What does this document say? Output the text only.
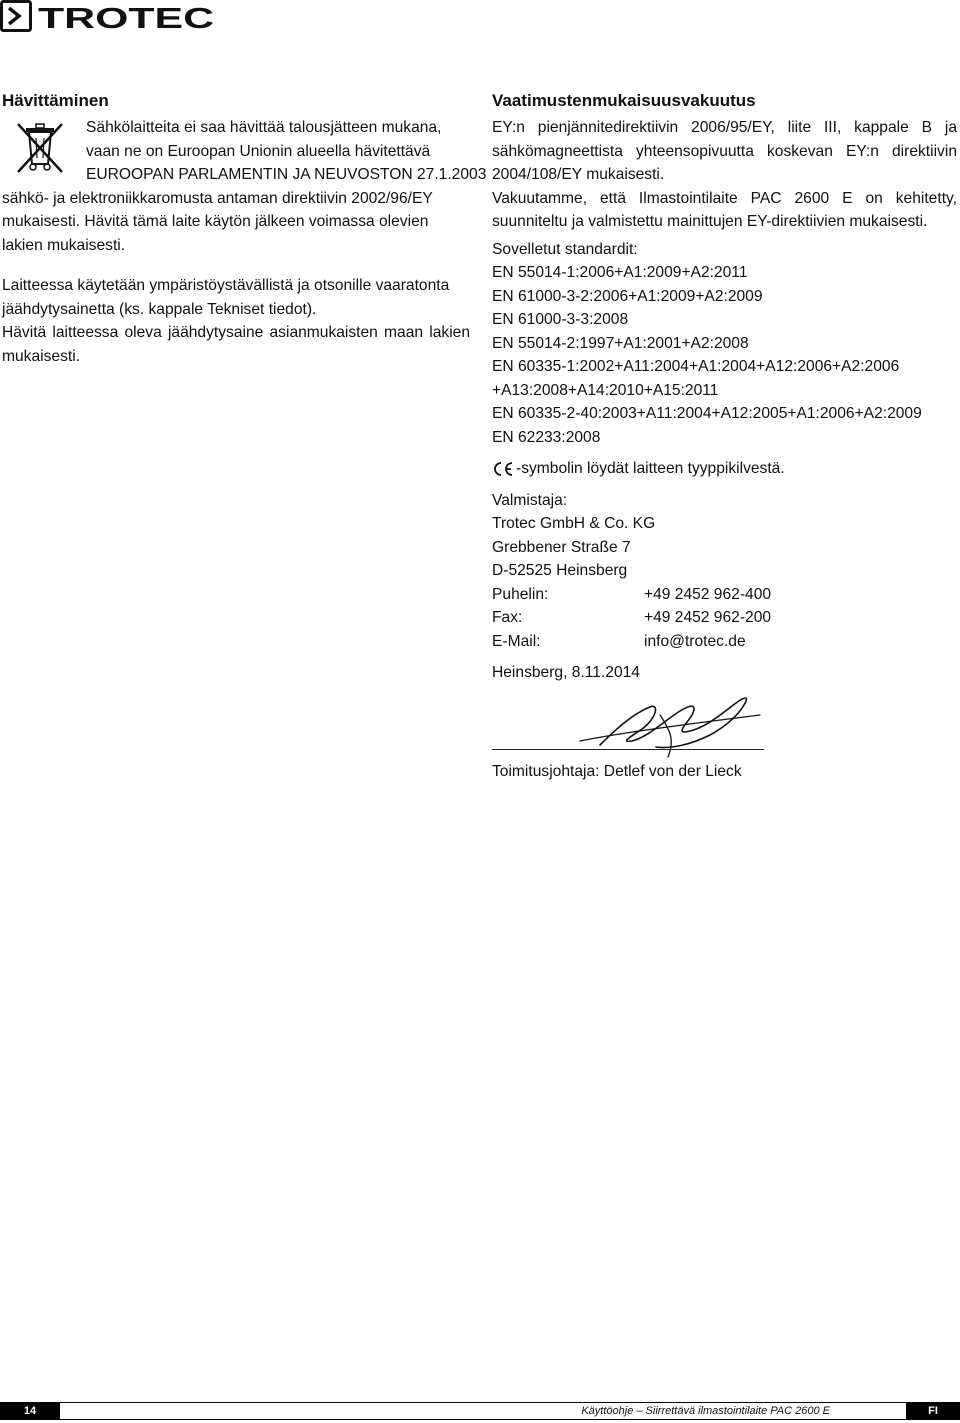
TROTEC
Hävittäminen
Sähkölaitteita ei saa hävittää talousjätteen mukana,
vaan ne on Euroopan Unionin alueella hävitettävä
EUROOPAN PARLAMENTIN JA NEUVOSTON 27.1.2003

sähkö- ja elektroniikkaromusta antaman direktiivin 2002/96/EY mukaisesti. Hävitä tämä laite käytön jälkeen voimassa olevien lakien mukaisesti.

Laitteessa käytetään ympäristöystävällistä ja otsonille vaaratonta jäähdytysainetta (ks. kappale Tekniset tiedot).

Hävitä laitteessa oleva jäähdytysaine asianmukaisten maan lakien mukaisesti.

Vaatimustenmukaisuusvakuutus

EY:n pienjännitedirektiivin 2006/95/EY, liite III, kappale B ja sähkömagneettista yhteensopivuutta koskevan EY:n direktiivin 2004/108/EY mukaisesti.

Vakuutamme, että Ilmastointilaite PAC 2600 E on kehitetty, suunniteltu ja valmistettu mainittujen EY-direktiivien mukaisesti.

Sovelletut standardit:
EN 55014-1:2006+A1:2009+A2:2011
EN 61000-3-2:2006+A1:2009+A2:2009
EN 61000-3-3:2008
EN 55014-2:1997+A1:2001+A2:2008
EN 60335-1:2002+A11:2004+A1:2004+A12:2006+A2:2006
+A13:2008+A14:2010+A15:2011
EN 60335-2-40:2003+A11:2004+A12:2005+A1:2006+A2:2009
EN 62233:2008
-symbolin löydät laitteen tyyppikilvestä.
Valmistaja:
Trotec GmbH & Co. KG
Grebbener Straße 7
D-52525 Heinsberg
Puhelin:	+49 2452 962-400
Fax:	+49 2452 962-200
E-Mail:	info@trotec.de
Heinsberg, 8.11.2014
Toimitusjohtaja: Detlef von der Lieck
14	Käyttöohje – Siirrettävä ilmastointilaite PAC 2600 E	FI
